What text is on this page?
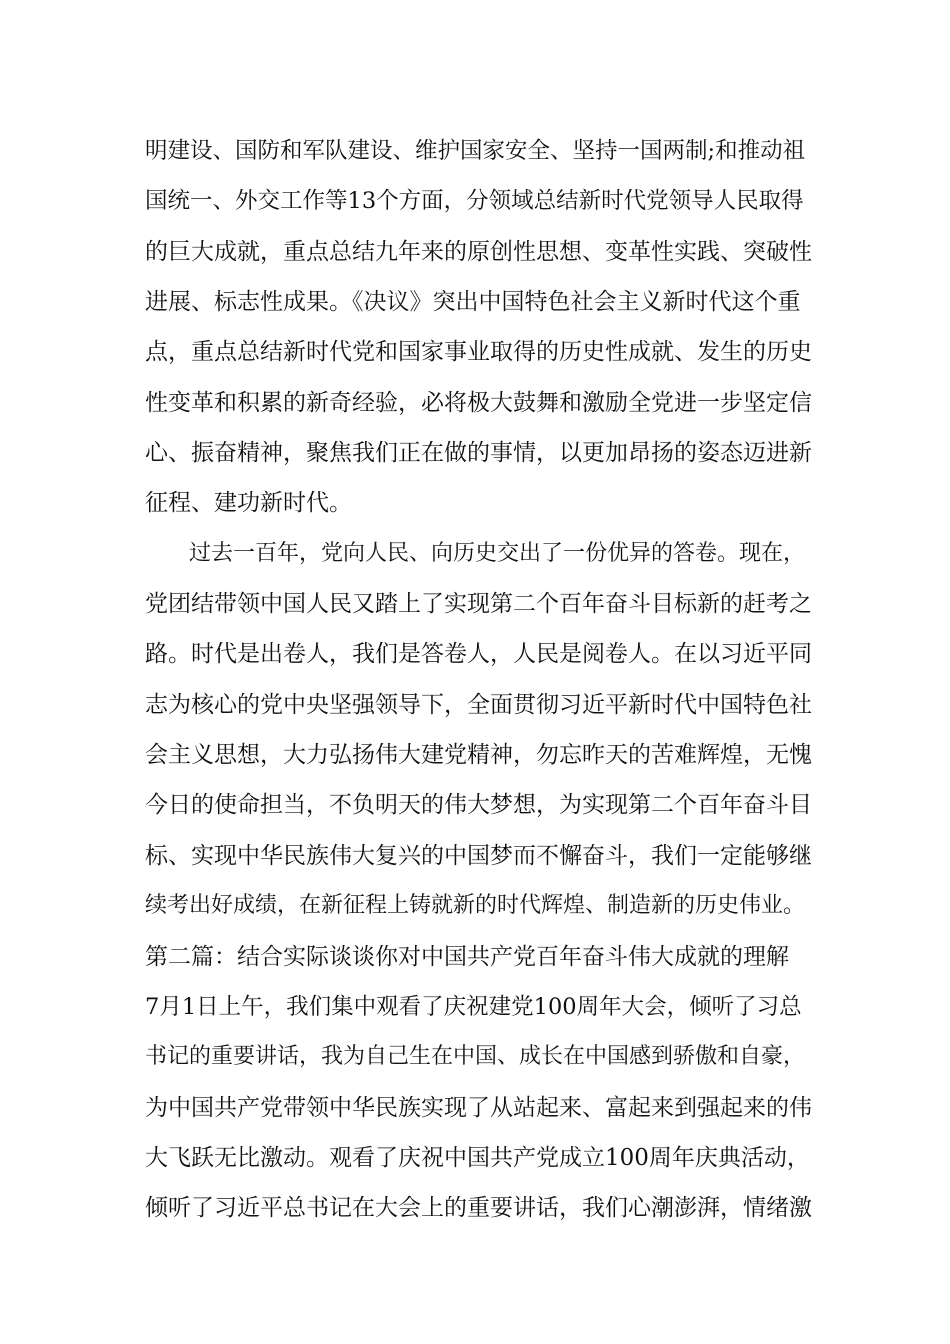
明建设、国防和军队建设、维护国家安全、坚持一国两制;和推动祖
国统一、外交工作等13个方面，分领域总结新时代党领导人民取得
的巨大成就，重点总结九年来的原创性思想、变革性实践、突破性
进展、标志性成果。《决议》突出中国特色社会主义新时代这个重
点，重点总结新时代党和国家事业取得的历史性成就、发生的历史
性变革和积累的新奇经验，必将极大鼓舞和激励全党进一步坚定信
心、振奋精神，聚焦我们正在做的事情，以更加昂扬的姿态迈进新
征程、建功新时代。
过去一百年，党向人民、向历史交出了一份优异的答卷。现在，
党团结带领中国人民又踏上了实现第二个百年奋斗目标新的赶考之
路。时代是出卷人，我们是答卷人，人民是阅卷人。在以习近平同
志为核心的党中央坚强领导下，全面贯彻习近平新时代中国特色社
会主义思想，大力弘扬伟大建党精神，勿忘昨天的苦难辉煌，无愧
今日的使命担当，不负明天的伟大梦想，为实现第二个百年奋斗目
标、实现中华民族伟大复兴的中国梦而不懈奋斗，我们一定能够继
续考出好成绩，在新征程上铸就新的时代辉煌、制造新的历史伟业。
第二篇：结合实际谈谈你对中国共产党百年奋斗伟大成就的理解
7月1日上午，我们集中观看了庆祝建党100周年大会，倾听了习总
书记的重要讲话，我为自己生在中国、成长在中国感到骄傲和自豪，
为中国共产党带领中华民族实现了从站起来、富起来到强起来的伟
大飞跃无比激动。观看了庆祝中国共产党成立100周年庆典活动，
倾听了习近平总书记在大会上的重要讲话，我们心潮澎湃，情绪激
